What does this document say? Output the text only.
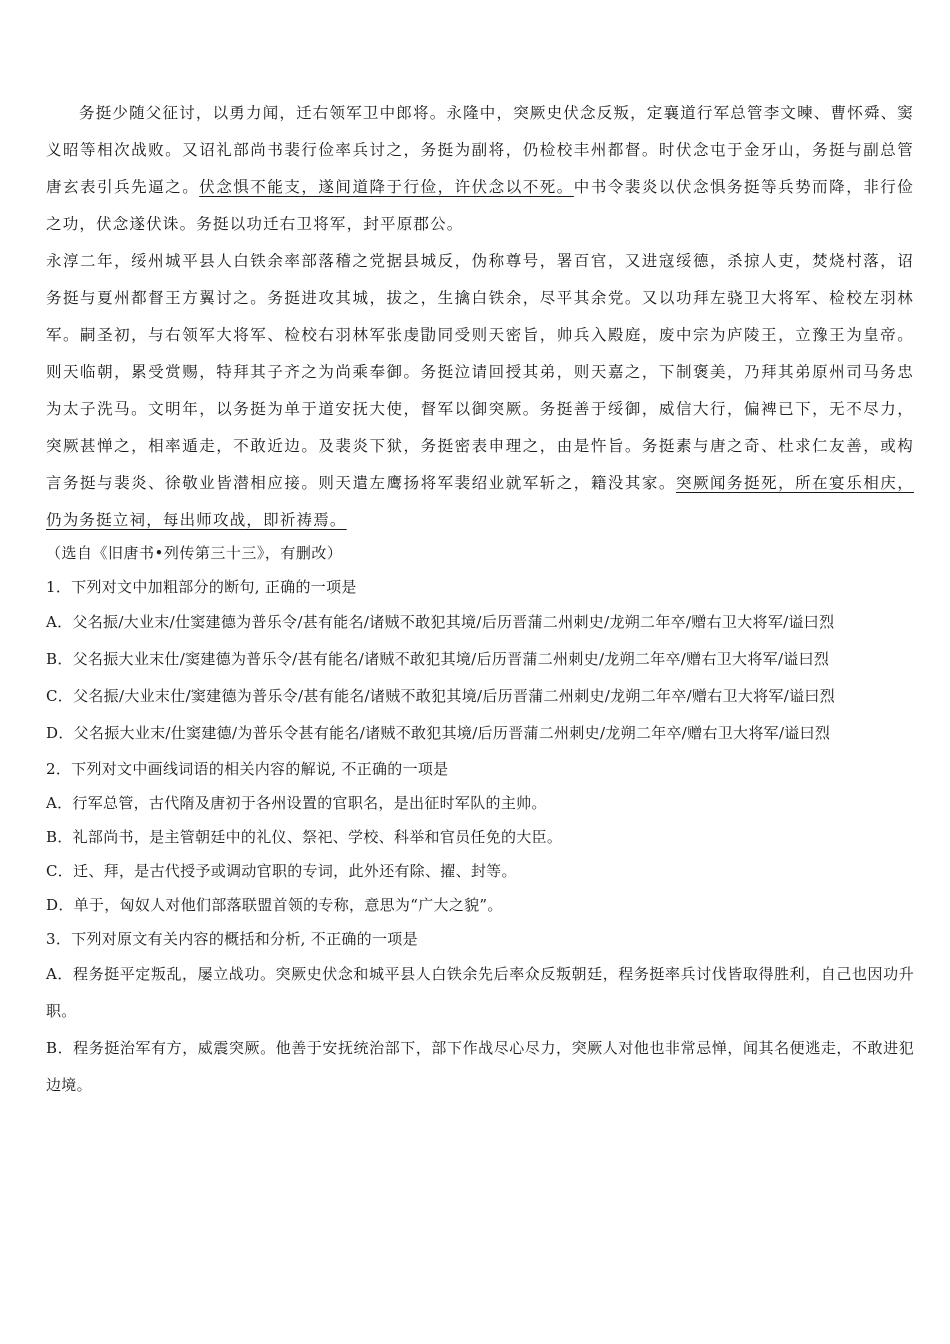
务挺少随父征讨，以勇力闻，迁右领军卫中郎将。永隆中，突厥史伏念反叛，定襄道行军总管李文暕、曹怀舜、窦义昭等相次战败。又诏礼部尚书裴行俭率兵讨之，务挺为副将，仍检校丰州都督。时伏念屯于金牙山，务挺与副总管唐玄表引兵先逼之。伏念惧不能支，遂间道降于行俭，许伏念以不死。中书令裴炎以伏念惧务挺等兵势而降，非行俭之功，伏念遂伏诛。务挺以功迁右卫将军，封平原郡公。

永淳二年，绥州城平县人白铁余率部落稽之党据县城反，伪称尊号，署百官，又进寇绥德，杀掠人吏，焚烧村落，诏务挺与夏州都督王方翼讨之。务挺进攻其城，拔之，生擒白铁余，尽平其余党。又以功拜左骁卫大将军、检校左羽林军。嗣圣初，与右领军大将军、检校右羽林军张虔勖同受则天密旨，帅兵入殿庭，废中宗为庐陵王，立豫王为皇帝。则天临朝，累受赏赐，特拜其子齐之为尚乘奉御。务挺泣请回授其弟，则天嘉之，下制褒美，乃拜其弟原州司马务忠为太子洗马。文明年，以务挺为单于道安抚大使，督军以御突厥。务挺善于绥御，威信大行，偏裨已下，无不尽力，突厥甚惮之，相率遁走，不敢近边。及裴炎下狱，务挺密表申理之，由是忤旨。务挺素与唐之奇、杜求仁友善，或构言务挺与裴炎、徐敬业皆潜相应接。则天遣左鹰扬将军裴绍业就军斩之，籍没其家。突厥闻务挺死，所在宴乐相庆，仍为务挺立祠，每出师攻战，即祈祷焉。

（选自《旧唐书•列传第三十三》，有删改）

1．下列对文中加粗部分的断句, 正确的一项是

A．父名振/大业末/仕窦建德为普乐令/甚有能名/诸贼不敢犯其境/后历晋蒲二州刺史/龙朔二年卒/赠右卫大将军/谥曰烈

B．父名振大业末仕/窦建德为普乐令/甚有能名/诸贼不敢犯其境/后历晋蒲二州刺史/龙朔二年卒/赠右卫大将军/谥曰烈

C．父名振/大业末仕/窦建德为普乐令/甚有能名/诸贼不敢犯其境/后历晋蒲二州刺史/龙朔二年卒/赠右卫大将军/谥曰烈

D．父名振大业末/仕窦建德/为普乐令甚有能名/诸贼不敢犯其境/后历晋蒲二州刺史/龙朔二年卒/赠右卫大将军/谥曰烈

2．下列对文中画线词语的相关内容的解说, 不正确的一项是

A．行军总管，古代隋及唐初于各州设置的官职名，是出征时军队的主帅。

B．礼部尚书，是主管朝廷中的礼仪、祭祀、学校、科举和官员任免的大臣。

C．迁、拜，是古代授予或调动官职的专词，此外还有除、擢、封等。

D．单于，匈奴人对他们部落联盟首领的专称，意思为“广大之貌”。

3．下列对原文有关内容的概括和分析, 不正确的一项是

A．程务挺平定叛乱，屡立战功。突厥史伏念和城平县人白铁余先后率众反叛朝廷，程务挺率兵讨伐皆取得胜利，自己也因功升职。

B．程务挺治军有方，威震突厥。他善于安抚统治部下，部下作战尽心尽力，突厥人对他也非常忌惮，闻其名便逃走，不敢进犯边境。
